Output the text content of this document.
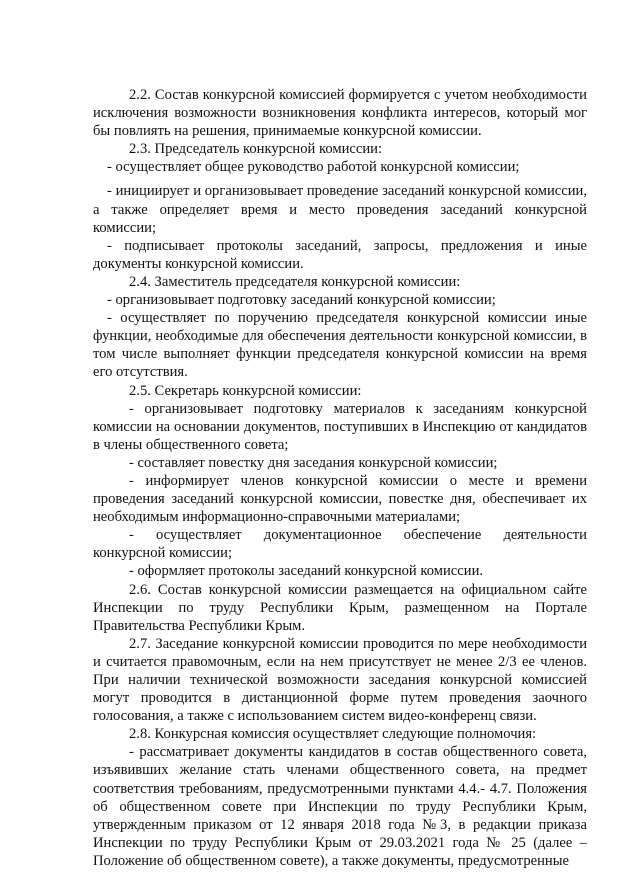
2.2. Состав конкурсной комиссией формируется с учетом необходимости исключения возможности возникновения конфликта интересов, который мог бы повлиять на решения, принимаемые конкурсной комиссии.

2.3. Председатель конкурсной комиссии:

- осуществляет общее руководство работой конкурсной комиссии;

- инициирует и организовывает проведение заседаний конкурсной комиссии, а также определяет время и место проведения заседаний конкурсной комиссии;

- подписывает протоколы заседаний, запросы, предложения и иные документы конкурсной комиссии.

2.4. Заместитель председателя конкурсной комиссии:

- организовывает подготовку заседаний конкурсной комиссии;

- осуществляет по поручению председателя конкурсной комиссии иные функции, необходимые для обеспечения деятельности конкурсной комиссии, в том числе выполняет функции председателя конкурсной комиссии на время его отсутствия.

2.5. Секретарь конкурсной комиссии:

- организовывает подготовку материалов к заседаниям конкурсной комиссии на основании документов, поступивших в Инспекцию от кандидатов в члены общественного совета;

- составляет повестку дня заседания конкурсной комиссии;

- информирует членов конкурсной комиссии о месте и времени проведения заседаний конкурсной комиссии, повестке дня, обеспечивает их необходимым информационно-справочными материалами;

- осуществляет документационное обеспечение деятельности конкурсной комиссии;

- оформляет протоколы заседаний конкурсной комиссии.

2.6. Состав конкурсной комиссии размещается на официальном сайте Инспекции по труду Республики Крым, размещенном на Портале Правительства Республики Крым.

2.7. Заседание конкурсной комиссии проводится по мере необходимости и считается правомочным, если на нем присутствует не менее 2/3 ее членов. При наличии технической возможности заседания конкурсной комиссией могут проводится в дистанционной форме путем проведения заочного голосования, а также с использованием систем видео-конференц связи.

2.8. Конкурсная комиссия осуществляет следующие полномочия:

- рассматривает документы кандидатов в состав общественного совета, изъявивших желание стать членами общественного совета, на предмет соответствия требованиям, предусмотренными пунктами 4.4.- 4.7. Положения об общественном совете при Инспекции по труду Республики Крым, утвержденным приказом от 12 января 2018 года №3, в редакции приказа Инспекции по труду Республики Крым от 29.03.2021 года № 25 (далее – Положение об общественном совете), а также документы, предусмотренные
